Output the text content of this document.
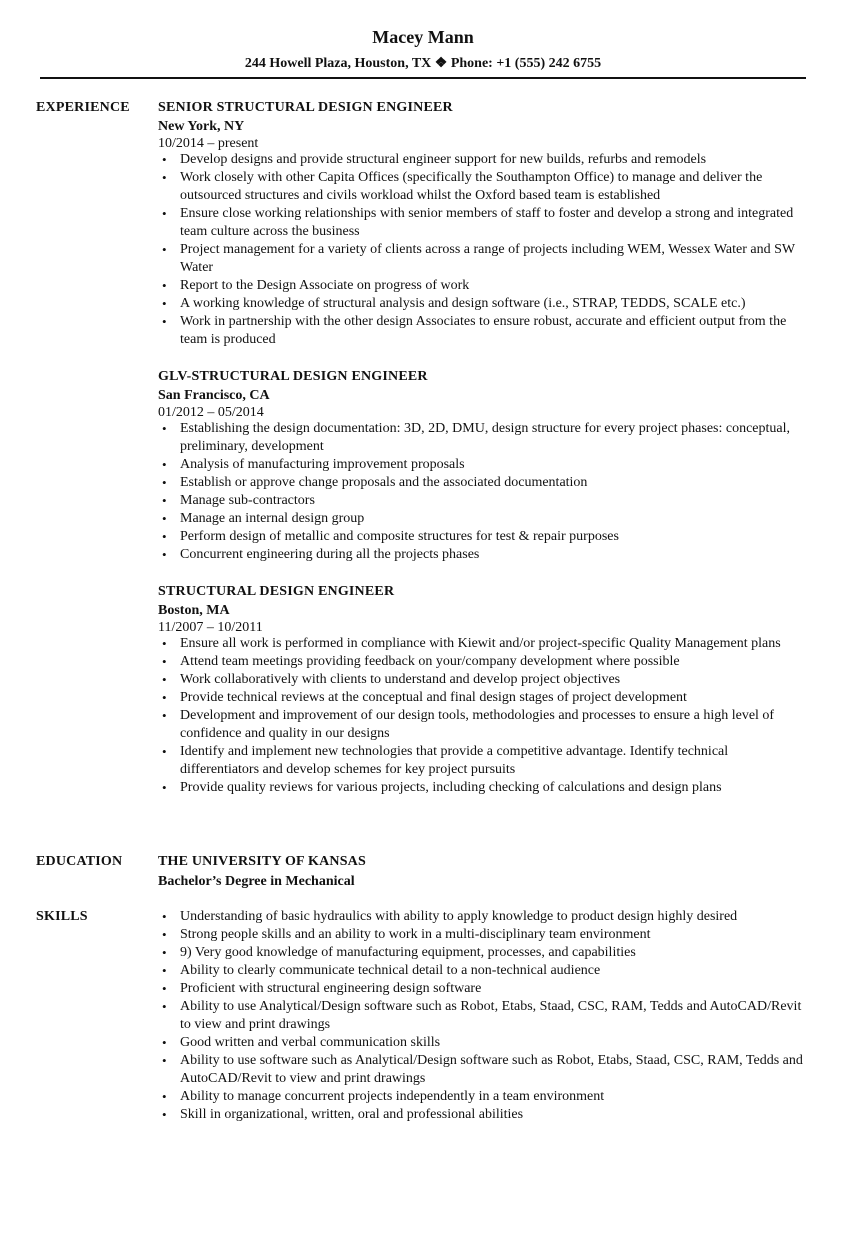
Macey Mann
244 Howell Plaza, Houston, TX ❖ Phone: +1 (555) 242 6755
EXPERIENCE	SENIOR STRUCTURAL DESIGN ENGINEER
New York, NY
10/2014 – present
• Develop designs and provide structural engineer support for new builds, refurbs and remodels
• Work closely with other Capita Offices (specifically the Southampton Office) to manage and deliver the outsourced structures and civils workload whilst the Oxford based team is established
• Ensure close working relationships with senior members of staff to foster and develop a strong and integrated team culture across the business
• Project management for a variety of clients across a range of projects including WEM, Wessex Water and SW Water
• Report to the Design Associate on progress of work
• A working knowledge of structural analysis and design software (i.e., STRAP, TEDDS, SCALE etc.)
• Work in partnership with the other design Associates to ensure robust, accurate and efficient output from the team is produced
GLV-STRUCTURAL DESIGN ENGINEER
San Francisco, CA
01/2012 – 05/2014
• Establishing the design documentation: 3D, 2D, DMU, design structure for every project phases: conceptual, preliminary, development
• Analysis of manufacturing improvement proposals
• Establish or approve change proposals and the associated documentation
• Manage sub-contractors
• Manage an internal design group
• Perform design of metallic and composite structures for test & repair purposes
• Concurrent engineering during all the projects phases
STRUCTURAL DESIGN ENGINEER
Boston, MA
11/2007 – 10/2011
• Ensure all work is performed in compliance with Kiewit and/or project-specific Quality Management plans
• Attend team meetings providing feedback on your/company development where possible
• Work collaboratively with clients to understand and develop project objectives
• Provide technical reviews at the conceptual and final design stages of project development
• Development and improvement of our design tools, methodologies and processes to ensure a high level of confidence and quality in our designs
• Identify and implement new technologies that provide a competitive advantage. Identify technical differentiators and develop schemes for key project pursuits
• Provide quality reviews for various projects, including checking of calculations and design plans
EDUCATION	THE UNIVERSITY OF KANSAS
Bachelor’s Degree in Mechanical
SKILLS
•	Understanding of basic hydraulics with ability to apply knowledge to product design highly desired
• Strong people skills and an ability to work in a multi-disciplinary team environment
• 9) Very good knowledge of manufacturing equipment, processes, and capabilities
• Ability to clearly communicate technical detail to a non-technical audience
• Proficient with structural engineering design software
• Ability to use Analytical/Design software such as Robot, Etabs, Staad, CSC, RAM, Tedds and AutoCAD/Revit to view and print drawings
• Good written and verbal communication skills
• Ability to use software such as Analytical/Design software such as Robot, Etabs, Staad, CSC, RAM, Tedds and AutoCAD/Revit to view and print drawings
• Ability to manage concurrent projects independently in a team environment
• Skill in organizational, written, oral and professional abilities
